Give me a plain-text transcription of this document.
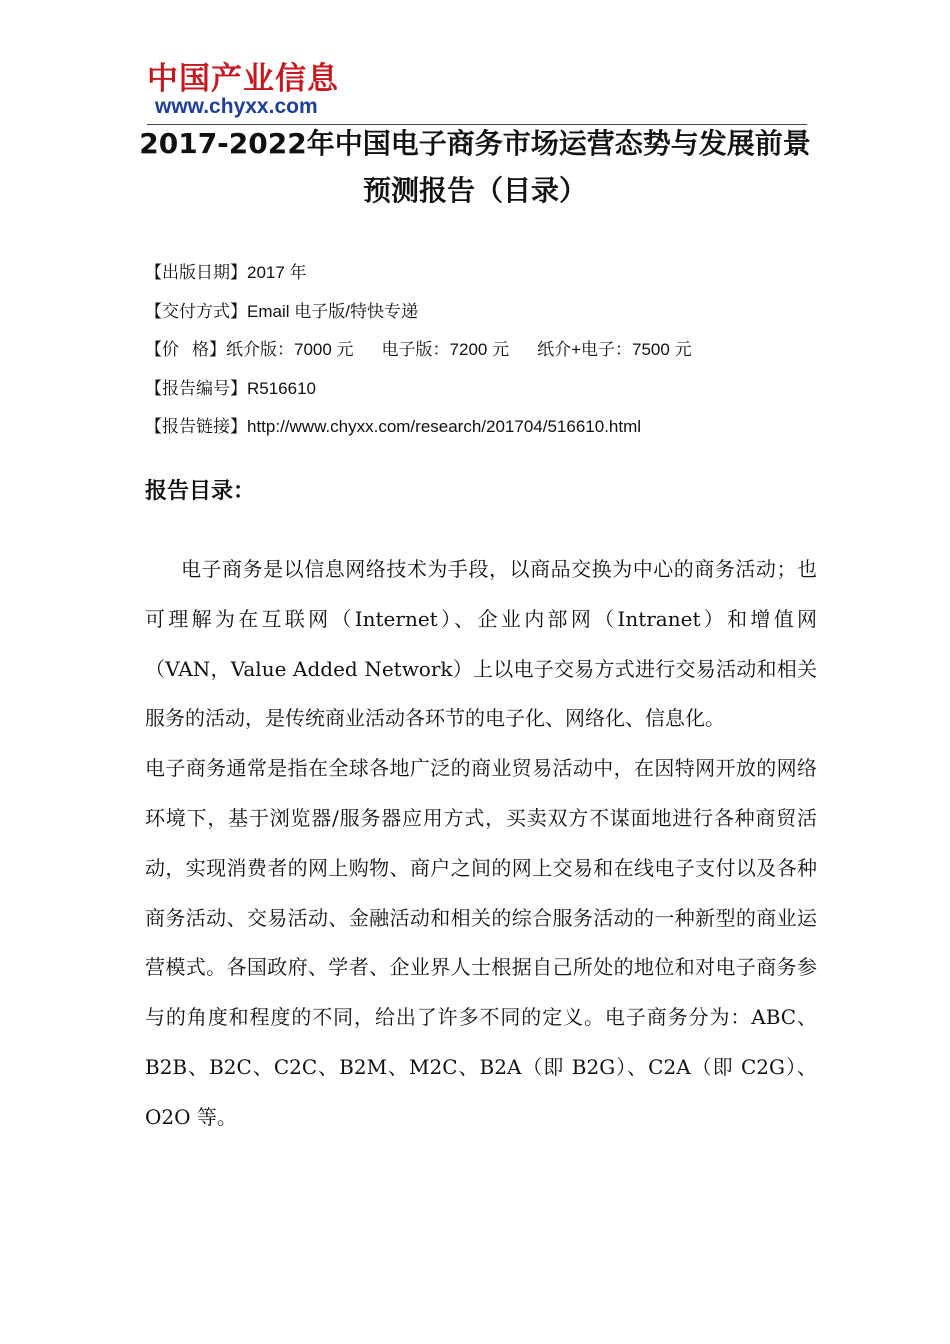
中国产业信息
www.chyxx.com
2017-2022年中国电子商务市场运营态势与发展前景
预测报告（目录）
【出版日期】2017 年
【交付方式】Email 电子版/特快专递
【价 格】纸介版：7000 元 电子版：7200 元 纸介+电子：7500 元
【报告编号】R516610
【报告链接】http://www.chyxx.com/research/201704/516610.html
报告目录：

电子商务是以信息网络技术为手段，以商品交换为中心的商务活动；也可理解为在互联网（Internet）、企业内部网（Intranet）和增值网（VAN，Value Added Network）上以电子交易方式进行交易活动和相关服务的活动，是传统商业活动各环节的电子化、网络化、信息化。

电子商务通常是指在全球各地广泛的商业贸易活动中，在因特网开放的网络环境下，基于浏览器/服务器应用方式，买卖双方不谋面地进行各种商贸活动，实现消费者的网上购物、商户之间的网上交易和在线电子支付以及各种商务活动、交易活动、金融活动和相关的综合服务活动的一种新型的商业运营模式。各国政府、学者、企业界人士根据自己所处的地位和对电子商务参与的角度和程度的不同，给出了许多不同的定义。电子商务分为：ABC、B2B、B2C、C2C、B2M、M2C、B2A（即 B2G）、C2A（即 C2G）、O2O 等。
